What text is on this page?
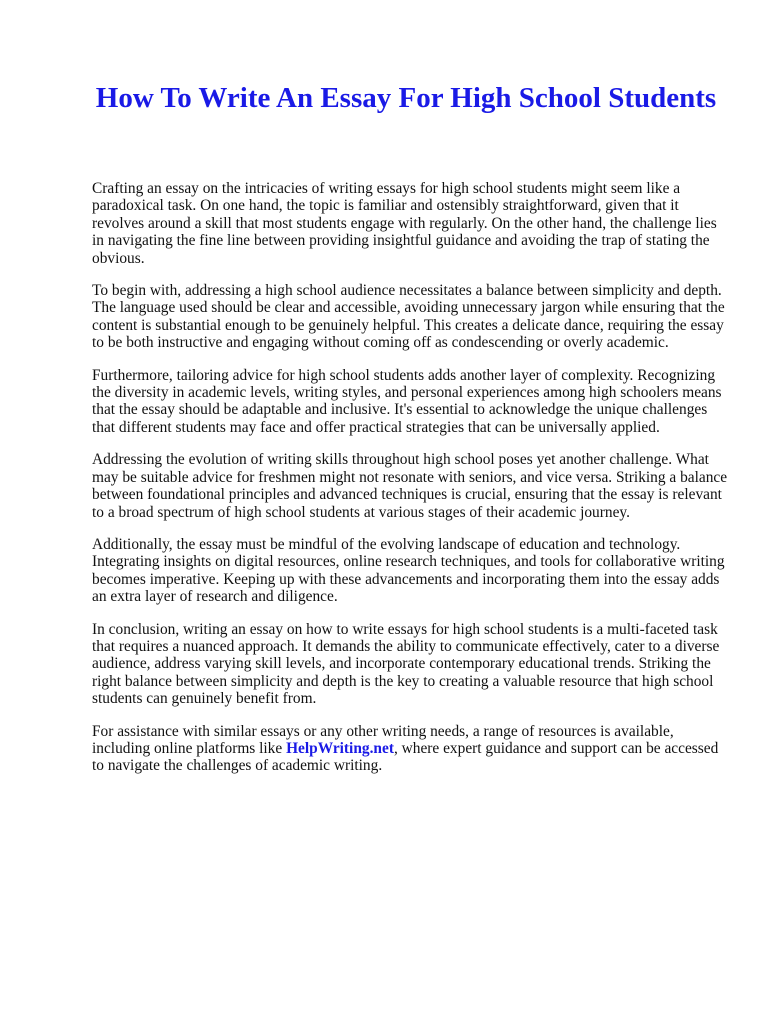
How To Write An Essay For High School Students

Crafting an essay on the intricacies of writing essays for high school students might seem like a paradoxical task. On one hand, the topic is familiar and ostensibly straightforward, given that it revolves around a skill that most students engage with regularly. On the other hand, the challenge lies in navigating the fine line between providing insightful guidance and avoiding the trap of stating the obvious.

To begin with, addressing a high school audience necessitates a balance between simplicity and depth. The language used should be clear and accessible, avoiding unnecessary jargon while ensuring that the content is substantial enough to be genuinely helpful. This creates a delicate dance, requiring the essay to be both instructive and engaging without coming off as condescending or overly academic.

Furthermore, tailoring advice for high school students adds another layer of complexity. Recognizing the diversity in academic levels, writing styles, and personal experiences among high schoolers means that the essay should be adaptable and inclusive. It's essential to acknowledge the unique challenges that different students may face and offer practical strategies that can be universally applied.

Addressing the evolution of writing skills throughout high school poses yet another challenge. What may be suitable advice for freshmen might not resonate with seniors, and vice versa. Striking a balance between foundational principles and advanced techniques is crucial, ensuring that the essay is relevant to a broad spectrum of high school students at various stages of their academic journey.

Additionally, the essay must be mindful of the evolving landscape of education and technology. Integrating insights on digital resources, online research techniques, and tools for collaborative writing becomes imperative. Keeping up with these advancements and incorporating them into the essay adds an extra layer of research and diligence.

In conclusion, writing an essay on how to write essays for high school students is a multi-faceted task that requires a nuanced approach. It demands the ability to communicate effectively, cater to a diverse audience, address varying skill levels, and incorporate contemporary educational trends. Striking the right balance between simplicity and depth is the key to creating a valuable resource that high school students can genuinely benefit from.

For assistance with similar essays or any other writing needs, a range of resources is available, including online platforms like HelpWriting.net, where expert guidance and support can be accessed to navigate the challenges of academic writing.
